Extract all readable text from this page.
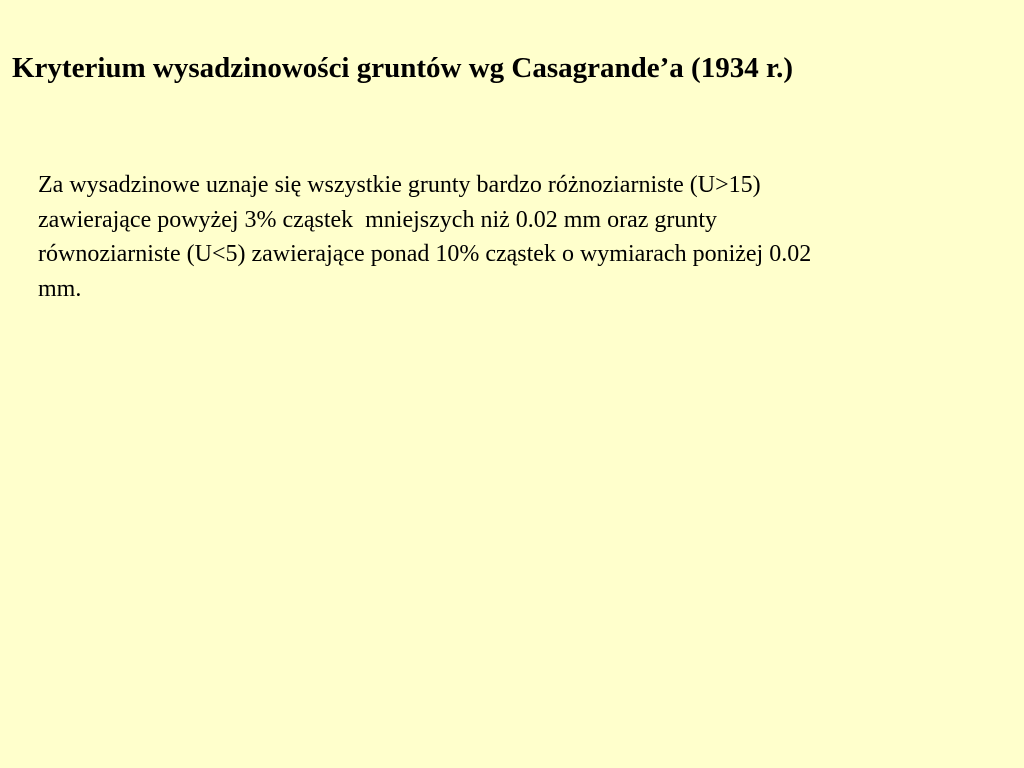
Kryterium wysadzinowości gruntów wg Casagrande’a (1934 r.)

Za wysadzinowe uznaje się wszystkie grunty bardzo różnoziarniste (U>15)
zawierające powyżej 3% cząstek  mniejszych niż 0.02 mm oraz grunty
równoziarniste (U<5) zawierające ponad 10% cząstek o wymiarach poniżej 0.02
mm.
